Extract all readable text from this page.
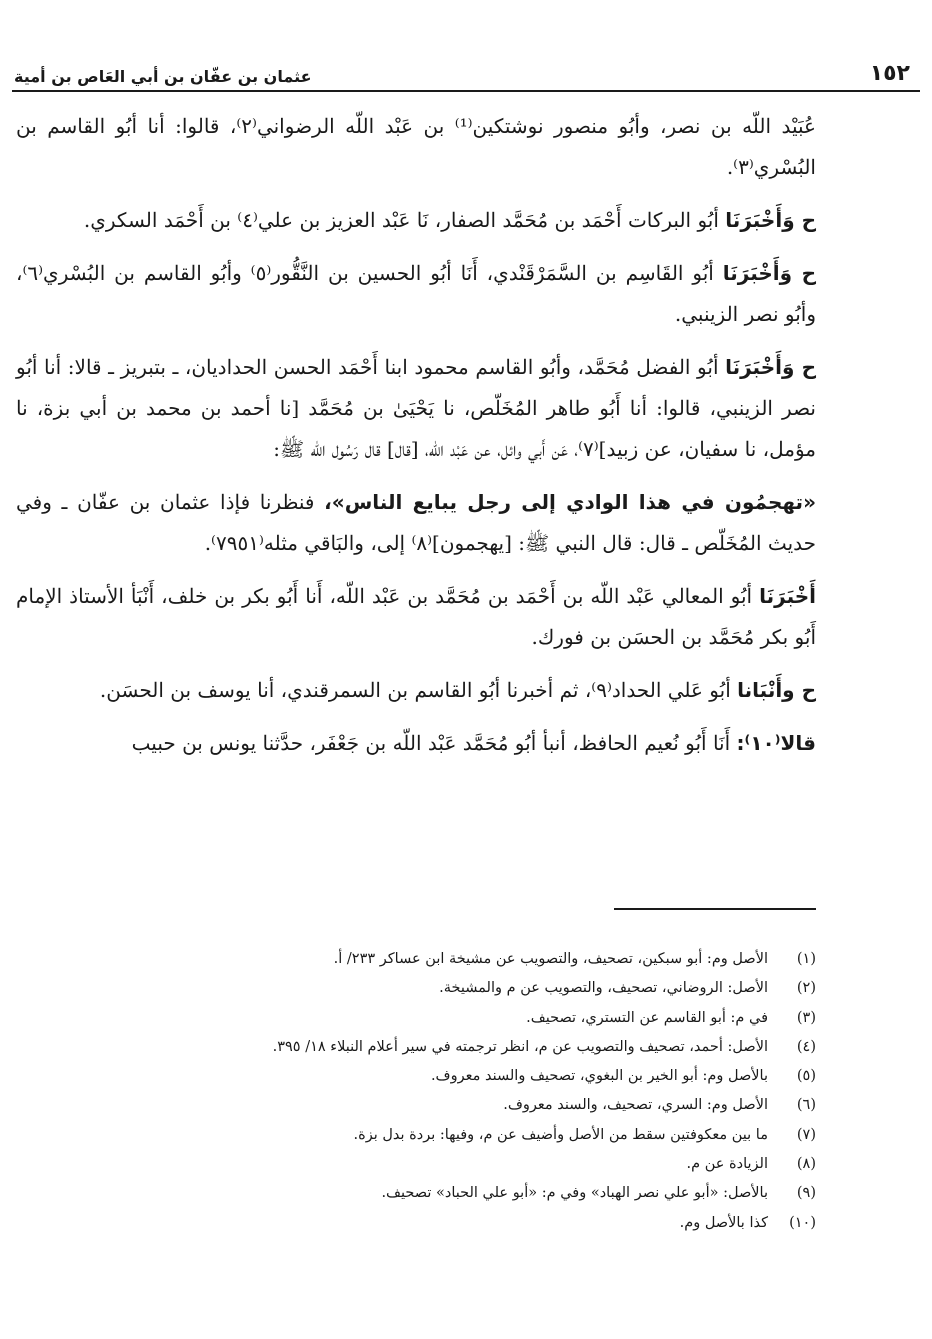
١٥٢
عثمان بن عفّان بن أبي العَاص بن أمية

عُبَيْد اللّه بن نصر، وأبُو منصور نوشتكين⁽¹⁾ بن عَبْد اللّه الرضواني⁽٢⁾، قالوا: أنا أبُو القاسم بن البُسْري⁽٣⁾.

ح وَأَخْبَرَنَا أبُو البركات أَحْمَد بن مُحَمَّد الصفار، نَا عَبْد العزيز بن علي⁽٤⁾ بن أَحْمَد السكري.

ح وَأَخْبَرَنَا أبُو القَاسِم بن السَّمَرْقَنْدي، أَنَا أبُو الحسين بن النَّقُّور⁽٥⁾ وأبُو القاسم بن البُسْري⁽٦⁾، وأبُو نصر الزينبي.

ح وَأَخْبَرَنَا أبُو الفضل مُحَمَّد، وأبُو القاسم محمود ابنا أَحْمَد الحسن الحداديان، ـ بتبريز ـ قالا: أنا أبُو نصر الزينبي، قالوا: أنا أَبُو طاهر المُخَلّص، نا يَحْيَىٰ بن مُحَمَّد [نا أحمد بن محمد بن أبي بزة، نا مؤمل، نا سفيان، عن زبيد]⁽٧⁾، عَن أَبي وائل، عن عَبْد اللّه، [قال] قال رَسُول الله ﷺ:

«تهجمُون في هذا الوادي إلى رجل يبايع الناس»، فنظرنا فإذا عثمان بن عفّان ـ وفي حديث المُخَلّص ـ قال: قال النبي ﷺ: [يهجمون]⁽٨⁾ إلى، والبَاقي مثله⁽٧٩٥١⁾.

أَخْبَرَنَا أبُو المعالي عَبْد اللّه بن أَحْمَد بن مُحَمَّد بن عَبْد اللّه، أَنا أَبُو بكر بن خلف، أَنْبَأ الأستاذ الإمام أَبُو بكر مُحَمَّد بن الحسَن بن فورك.

ح وأَنْبَانا أبُو عَلي الحداد⁽٩⁾، ثم أخبرنا أبُو القاسم بن السمرقندي، أنا يوسف بن الحسَن.

قالا⁽١٠⁾: أَنَا أَبُو نُعيم الحافظ، أنبأ أبُو مُحَمَّد عَبْد اللّه بن جَعْفَر، حدَّثنا يونس بن حبيب

(١)
الأصل وم: أبو سبكين، تصحيف، والتصويب عن مشيخة ابن عساكر ٢٣٣/ أ.
(٢)
الأصل: الروضاني، تصحيف، والتصويب عن م والمشيخة.
(٣)
في م: أبو القاسم عن التستري، تصحيف.
(٤)
الأصل: أحمد، تصحيف والتصويب عن م، انظر ترجمته في سير أعلام النبلاء ١٨/ ٣٩٥.
(٥)
بالأصل وم: أبو الخير بن البغوي، تصحيف والسند معروف.
(٦)
الأصل وم: السري، تصحيف، والسند معروف.
(٧)
ما بين معكوفتين سقط من الأصل وأضيف عن م، وفيها: بردة بدل بزة.
(٨)
الزيادة عن م.
(٩)
بالأصل: «أبو علي نصر الهباد» وفي م: «أبو علي الحباد» تصحيف.
(١٠)
كذا بالأصل وم.
